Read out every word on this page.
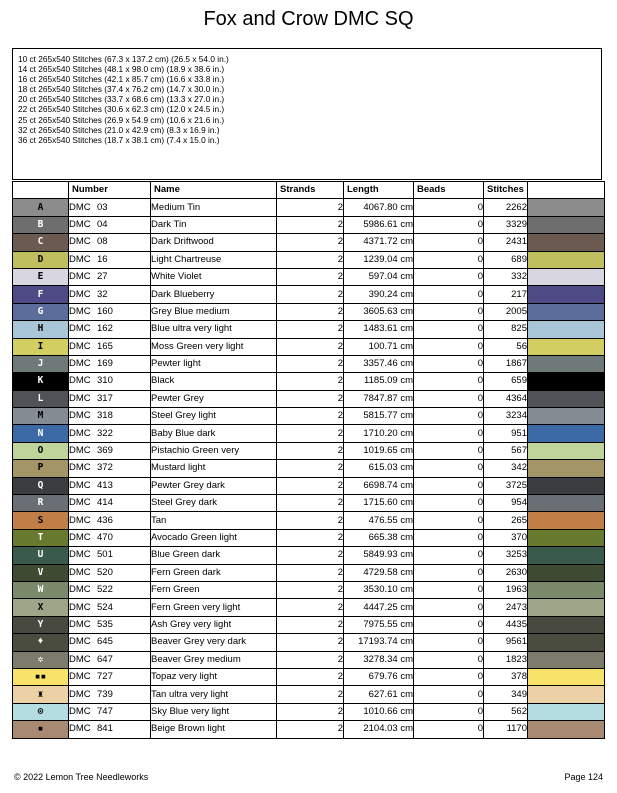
Fox and Crow DMC SQ
10 ct 265x540 Stitches (67.3 x 137.2 cm) (26.5 x 54.0 in.)
14 ct 265x540 Stitches (48.1 x 98.0 cm) (18.9 x 38.6 in.)
16 ct 265x540 Stitches (42.1 x 85.7 cm) (16.6 x 33.8 in.)
18 ct 265x540 Stitches (37.4 x 76.2 cm) (14.7 x 30.0 in.)
20 ct 265x540 Stitches (33.7 x 68.6 cm) (13.3 x 27.0 in.)
22 ct 265x540 Stitches (30.6 x 62.3 cm) (12.0 x 24.5 in.)
25 ct 265x540 Stitches (26.9 x 54.9 cm) (10.6 x 21.6 in.)
32 ct 265x540 Stitches (21.0 x 42.9 cm) (8.3 x 16.9 in.)
36 ct 265x540 Stitches (18.7 x 38.1 cm) (7.4 x 15.0 in.)
	Number	Name	Strands	Length	Beads	Stitches	
A	DMC 03	Medium Tin	2	4067.80 cm	0	2262	
B	DMC 04	Dark Tin	2	5986.61 cm	0	3329	
C	DMC 08	Dark Driftwood	2	4371.72 cm	0	2431	
D	DMC 16	Light Chartreuse	2	1239.04 cm	0	689	
E	DMC 27	White Violet	2	597.04 cm	0	332	
F	DMC 32	Dark Blueberry	2	390.24 cm	0	217	
G	DMC 160	Grey Blue medium	2	3605.63 cm	0	2005	
H	DMC 162	Blue ultra very light	2	1483.61 cm	0	825	
I	DMC 165	Moss Green very light	2	100.71 cm	0	56	
J	DMC 169	Pewter light	2	3357.46 cm	0	1867	
K	DMC 310	Black	2	1185.09 cm	0	659	
L	DMC 317	Pewter Grey	2	7847.87 cm	0	4364	
M	DMC 318	Steel Grey light	2	5815.77 cm	0	3234	
N	DMC 322	Baby Blue dark	2	1710.20 cm	0	951	
O	DMC 369	Pistachio Green very	2	1019.65 cm	0	567	
P	DMC 372	Mustard light	2	615.03 cm	0	342	
Q	DMC 413	Pewter Grey dark	2	6698.74 cm	0	3725	
R	DMC 414	Steel Grey dark	2	1715.60 cm	0	954	
S	DMC 436	Tan	2	476.55 cm	0	265	
T	DMC 470	Avocado Green light	2	665.38 cm	0	370	
U	DMC 501	Blue Green dark	2	5849.93 cm	0	3253	
V	DMC 520	Fern Green dark	2	4729.58 cm	0	2630	
W	DMC 522	Fern Green	2	3530.10 cm	0	1963	
X	DMC 524	Fern Green very light	2	4447.25 cm	0	2473	
Y	DMC 535	Ash Grey very light	2	7975.55 cm	0	4435	
♦	DMC 645	Beaver Grey very dark	2	17193.74 cm	0	9561	
✲	DMC 647	Beaver Grey medium	2	3278.34 cm	0	1823	
▪▪	DMC 727	Topaz very light	2	679.76 cm	0	378	
♜	DMC 739	Tan ultra very light	2	627.61 cm	0	349	
⊙	DMC 747	Sky Blue very light	2	1010.66 cm	0	562	
▪	DMC 841	Beige Brown light	2	2104.03 cm	0	1170	
© 2022 Lemon Tree Needleworks	Page 124
